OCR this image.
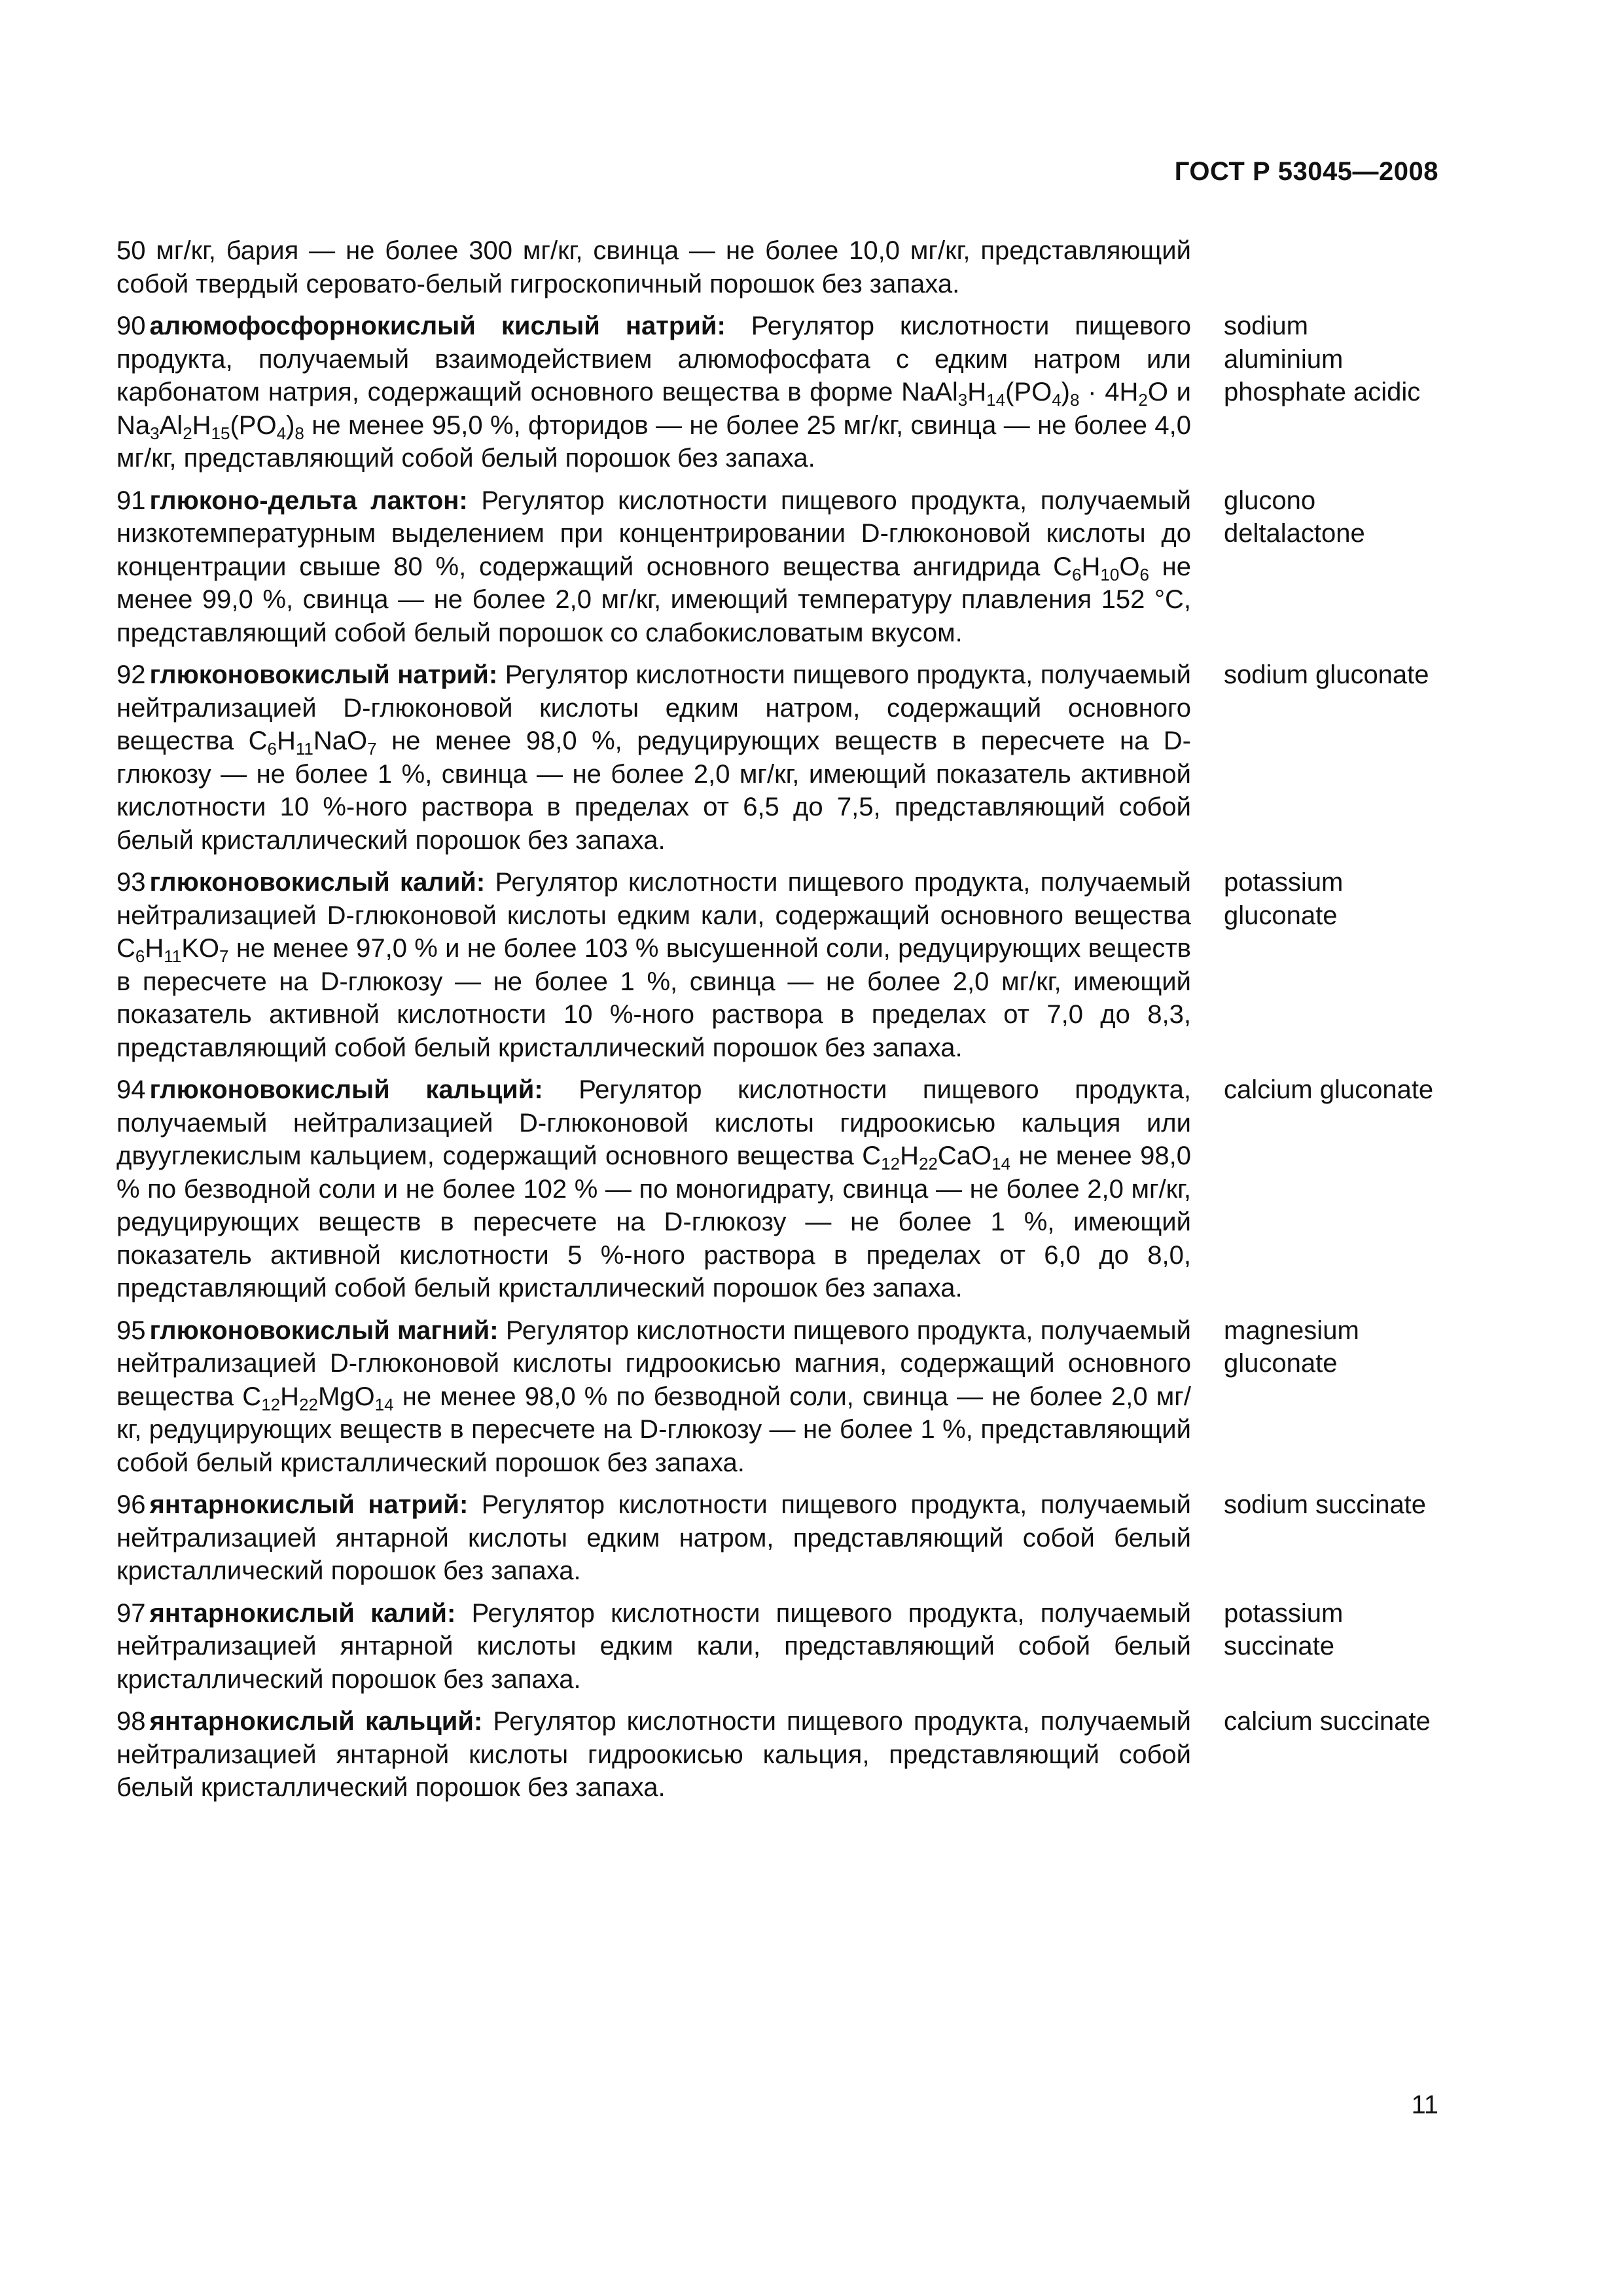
ГОСТ Р 53045—2008
50 мг/кг, бария — не более 300 мг/кг, свинца — не более 10,0 мг/кг, представляющий собой твердый серовато-белый гигроскопичный порошок без запаха.
90 алюмофосфорнокислый кислый натрий: Регулятор кислотности пищевого продукта, получаемый взаимодействием алюмофосфата с едким натром или карбонатом натрия, содержащий основного вещества в форме $NaAl_3H_{14}(PO_4)_8 \cdot 4H_2O$ и $Na_3Al_2H_{15}(PO_4)_8$ не менее 95,0 %, фторидов — не более 25 мг/кг, свинца — не более 4,0 мг/кг, представляющий собой белый порошок без запаха.
sodium
aluminium
phosphate acidic
91 глюконо-дельта лактон: Регулятор кислотности пищевого продукта, получаемый низкотемпературным выделением при концентрировании D-глюконовой кислоты до концентрации свыше 80 %, содержащий основного вещества ангидрида $C_6H_{10}O_6$ не менее 99,0 %, свинца — не более 2,0 мг/кг, имеющий температуру плавления 152 °С, представляющий собой белый порошок со слабокисловатым вкусом.
glucono
deltalactone
92 глюконовокислый натрий: Регулятор кислотности пищевого продукта, получаемый нейтрализацией D-глюконовой кислоты едким натром, содержащий основного вещества $C_6H_{11}NaO_7$ не менее 98,0 %, редуцирующих веществ в пересчете на D-глюкозу — не более 1 %, свинца — не более 2,0 мг/кг, имеющий показатель активной кислотности 10 %-ного раствора в пределах от 6,5 до 7,5, представляющий собой белый кристаллический порошок без запаха.
sodium gluconate
93 глюконовокислый калий: Регулятор кислотности пищевого продукта, получаемый нейтрализацией D-глюконовой кислоты едким кали, содержащий основного вещества $C_6H_{11}KO_7$ не менее 97,0 % и не более 103 % высушенной соли, редуцирующих веществ в пересчете на D-глюкозу — не более 1 %, свинца — не более 2,0 мг/кг, имеющий показатель активной кислотности 10 %-ного раствора в пределах от 7,0 до 8,3, представляющий собой белый кристаллический порошок без запаха.
potassium
gluconate
94 глюконовокислый кальций: Регулятор кислотности пищевого продукта, получаемый нейтрализацией D-глюконовой кислоты гидроокисью кальция или двууглекислым кальцием, содержащий основного вещества $C_{12}H_{22}CaO_{14}$ не менее 98,0 % по безводной соли и не более 102 % — по моногидрату, свинца — не более 2,0 мг/кг, редуцирующих веществ в пересчете на D-глюкозу — не более 1 %, имеющий показатель активной кислотности 5 %-ного раствора в пределах от 6,0 до 8,0, представляющий собой белый кристаллический порошок без запаха.
calcium gluconate
95 глюконовокислый магний: Регулятор кислотности пищевого продукта, получаемый нейтрализацией D-глюконовой кислоты гидроокисью магния, содержащий основного вещества $C_{12}H_{22}MgO_{14}$ не менее 98,0 % по безводной соли, свинца — не более 2,0 мг/кг, редуцирующих веществ в пересчете на D-глюкозу — не более 1 %, представляющий собой белый кристаллический порошок без запаха.
magnesium
gluconate
96 янтарнокислый натрий: Регулятор кислотности пищевого продукта, получаемый нейтрализацией янтарной кислоты едким натром, представляющий собой белый кристаллический порошок без запаха.
sodium succinate
97 янтарнокислый калий: Регулятор кислотности пищевого продукта, получаемый нейтрализацией янтарной кислоты едким кали, представляющий собой белый кристаллический порошок без запаха.
potassium
succinate
98 янтарнокислый кальций: Регулятор кислотности пищевого продукта, получаемый нейтрализацией янтарной кислоты гидроокисью кальция, представляющий собой белый кристаллический порошок без запаха.
calcium succinate
11
